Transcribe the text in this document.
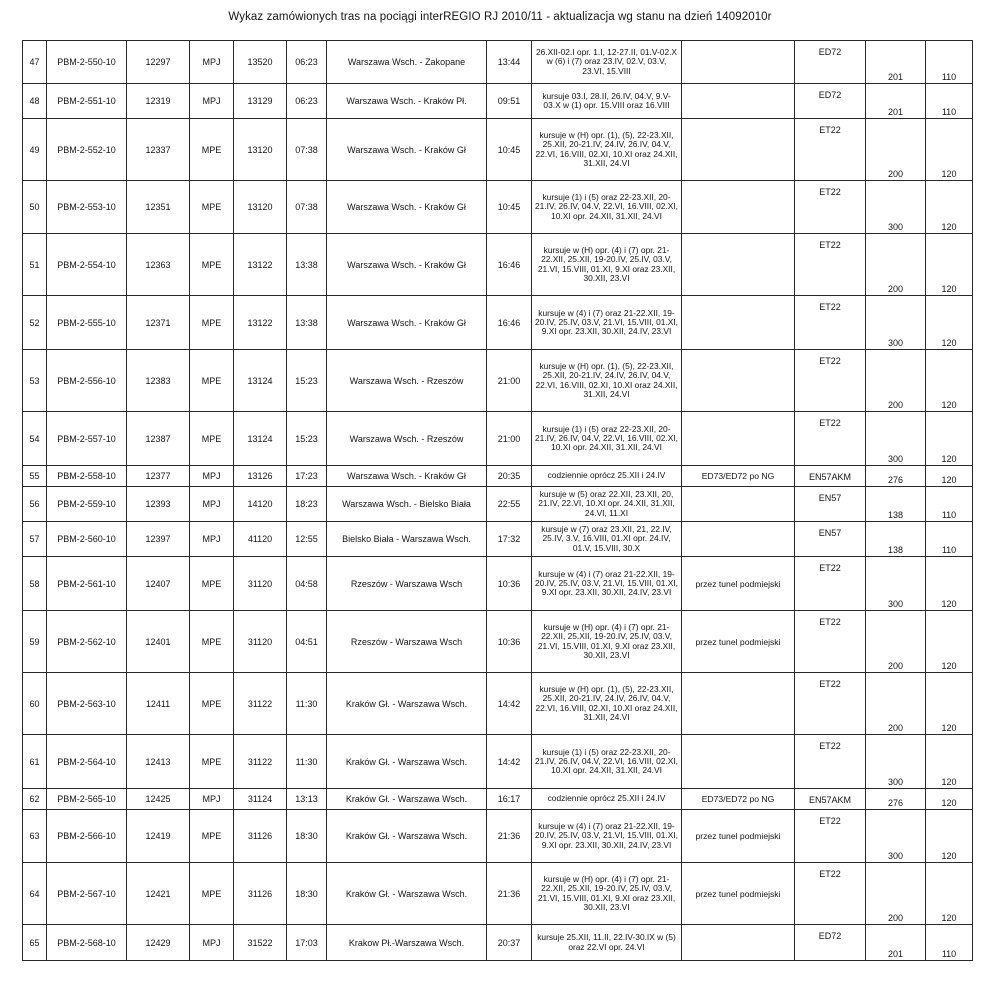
Wykaz zamówionych tras na pociągi interREGIO RJ 2010/11 - aktualizacja wg stanu na dzień 14092010r
47	PBM-2-550-10	12297	MPJ	13520	06:23	Warszawa Wsch. - Zakopane	13:44	26.XII-02.I opr. 1.I, 12-27.II, 01.V-02.X w (6) i (7) oraz 23.IV, 02.V, 03.V, 23.VI, 15.VIII		ED72	201	110
48	PBM-2-551-10	12319	MPJ	13129	06:23	Warszawa Wsch. - Kraków Pł.	09:51	kursuje 03.I, 28.II, 26.IV, 04.V, 9.V-03.X w (1) opr. 15.VIII oraz 16.VIII		ED72	201	110
49	PBM-2-552-10	12337	MPE	13120	07:38	Warszawa Wsch. - Kraków Gł	10:45	kursuje w (H) opr. (1), (5), 22-23.XII, 25.XII, 20-21.IV, 24.IV, 26.IV, 04.V, 22.VI, 16.VIII, 02.XI, 10.XI oraz 24.XII, 31.XII, 24.VI		ET22	200	120
50	PBM-2-553-10	12351	MPE	13120	07:38	Warszawa Wsch. - Kraków Gł	10:45	kursuje (1) i (5) oraz 22-23.XII, 20-21.IV, 26.IV, 04.V, 22.VI, 16.VIII, 02.XI, 10.XI opr. 24.XII, 31.XII, 24.VI		ET22	300	120
51	PBM-2-554-10	12363	MPE	13122	13:38	Warszawa Wsch. - Kraków Gł	16:46	kursuje w (H) opr. (4) i (7) opr. 21-22.XII, 25.XII, 19-20.IV, 25.IV, 03.V, 21.VI, 15.VIII, 01.XI, 9.XI oraz 23.XII, 30.XII, 23.VI		ET22	200	120
52	PBM-2-555-10	12371	MPE	13122	13:38	Warszawa Wsch. - Kraków Gł	16:46	kursuje w (4) i (7) oraz 21-22.XII, 19-20.IV, 25.IV, 03.V, 21.VI, 15.VIII, 01.XI, 9.XI opr. 23.XII, 30.XII, 24.IV, 23.VI		ET22	300	120
53	PBM-2-556-10	12383	MPE	13124	15:23	Warszawa Wsch. - Rzeszów	21:00	kursuje w (H) opr. (1), (5), 22-23.XII, 25.XII, 20-21.IV, 24.IV, 26.IV, 04.V, 22.VI, 16.VIII, 02.XI, 10.XI oraz 24.XII, 31.XII, 24.VI		ET22	200	120
54	PBM-2-557-10	12387	MPE	13124	15:23	Warszawa Wsch. - Rzeszów	21:00	kursuje (1) i (5) oraz 22-23.XII, 20-21.IV, 26.IV, 04.V, 22.VI, 16.VIII, 02.XI, 10.XI opr. 24.XII, 31.XII, 24.VI		ET22	300	120
55	PBM-2-558-10	12377	MPJ	13126	17:23	Warszawa Wsch. - Kraków Gł	20:35	codziennie oprócz 25.XII i 24.IV	ED73/ED72 po NG	EN57AKM	276	120
56	PBM-2-559-10	12393	MPJ	14120	18:23	Warszawa Wsch. - Bielsko Biała	22:55	kursuje w (5) oraz 22.XII, 23.XII, 20, 21.IV, 22.VI, 10.XI opr. 24.XII, 31.XII, 24.VI, 11.XI		EN57	138	110
57	PBM-2-560-10	12397	MPJ	41120	12:55	Bielsko Biała - Warszawa Wsch.	17:32	kursuje w (7) oraz 23.XII, 21, 22.IV, 25.IV, 3.V, 16.VIII, 01.XI opr. 24.IV, 01.V, 15.VIII, 30.X		EN57	138	110
58	PBM-2-561-10	12407	MPE	31120	04:58	Rzeszów - Warszawa Wsch	10:36	kursuje w (4) i (7) oraz 21-22.XII, 19-20.IV, 25.IV, 03.V, 21.VI, 15.VIII, 01.XI, 9.XI opr. 23.XII, 30.XII, 24.IV, 23.VI	przez tunel podmiejski	ET22	300	120
59	PBM-2-562-10	12401	MPE	31120	04:51	Rzeszów - Warszawa Wsch	10:36	kursuje w (H) opr. (4) i (7) opr. 21-22.XII, 25.XII, 19-20.IV, 25.IV, 03.V, 21.VI, 15.VIII, 01.XI, 9.XI oraz 23.XII, 30.XII, 23.VI	przez tunel podmiejski	ET22	200	120
60	PBM-2-563-10	12411	MPE	31122	11:30	Kraków Gł. - Warszawa Wsch.	14:42	kursuje w (H) opr. (1), (5), 22-23.XII, 25.XII, 20-21.IV, 24.IV, 26.IV, 04.V, 22.VI, 16.VIII, 02.XI, 10.XI oraz 24.XII, 31.XII, 24.VI		ET22	200	120
61	PBM-2-564-10	12413	MPE	31122	11:30	Kraków Gł. - Warszawa Wsch.	14:42	kursuje (1) i (5) oraz 22-23.XII, 20-21.IV, 26.IV, 04.V, 22.VI, 16.VIII, 02.XI, 10.XI opr. 24.XII, 31.XII, 24.VI		ET22	300	120
62	PBM-2-565-10	12425	MPJ	31124	13:13	Kraków Gł. - Warszawa Wsch.	16:17	codziennie oprócz 25.XII i 24.IV	ED73/ED72 po NG	EN57AKM	276	120
63	PBM-2-566-10	12419	MPE	31126	18:30	Kraków Gł. - Warszawa Wsch.	21:36	kursuje w (4) i (7) oraz 21-22.XII, 19-20.IV, 25.IV, 03.V, 21.VI, 15.VIII, 01.XI, 9.XI opr. 23.XII, 30.XII, 24.IV, 23.VI	przez tunel podmiejski	ET22	300	120
64	PBM-2-567-10	12421	MPE	31126	18:30	Kraków Gł. - Warszawa Wsch.	21:36	kursuje w (H) opr. (4) i (7) opr. 21-22.XII, 25.XII, 19-20.IV, 25.IV, 03.V, 21.VI, 15.VIII, 01.XI, 9.XI oraz 23.XII, 30.XII, 23.VI	przez tunel podmiejski	ET22	200	120
65	PBM-2-568-10	12429	MPJ	31522	17:03	Krakow Pł.-Warszawa Wsch.	20:37	kursuje 25.XII, 11.II, 22.IV-30.IX w (5) oraz 22.VI opr. 24.VI		ED72	201	110
